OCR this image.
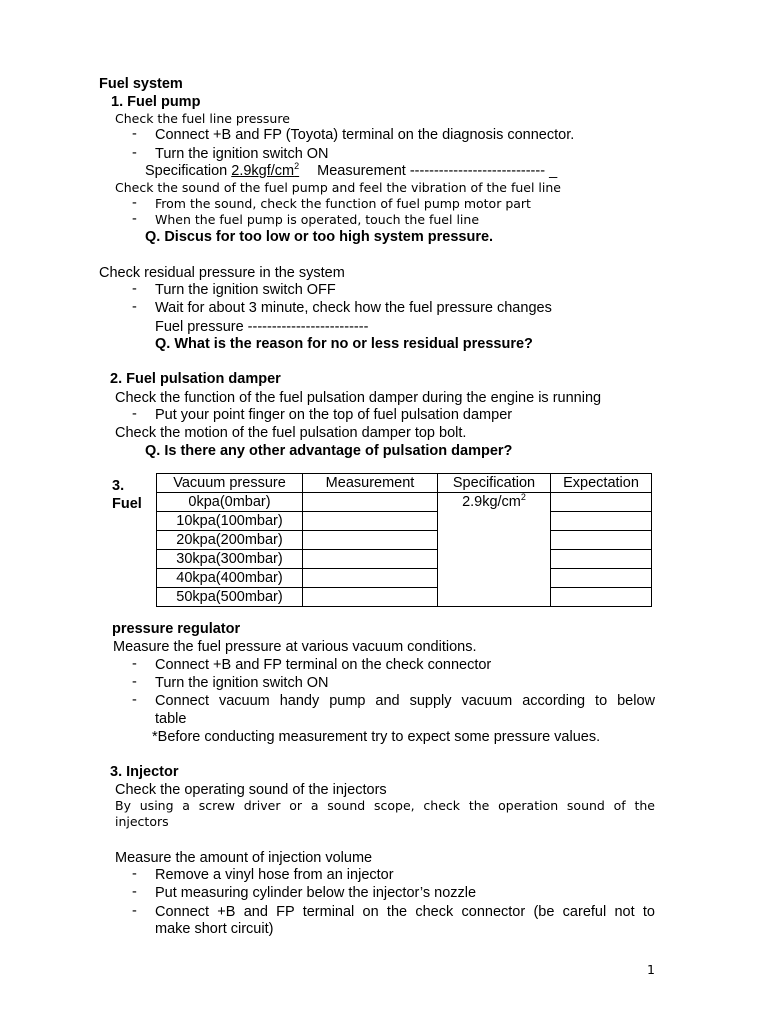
Fuel system
1. Fuel pump
Check the fuel line pressure
- Connect +B and FP (Toyota) terminal on the diagnosis connector.
- Turn the ignition switch ON
Specification $2.9kgf/cm^2$ Measurement ---------------------------- _
Check the sound of the fuel pump and feel the vibration of the fuel line
- From the sound, check the function of fuel pump motor part
- When the fuel pump is operated, touch the fuel line
Q. Discus for too low or too high system pressure.
Check residual pressure in the system
- Turn the ignition switch OFF
- Wait for about 3 minute, check how the fuel pressure changes
Fuel pressure -------------------------
Q. What is the reason for no or less residual pressure?
2. Fuel pulsation damper
Check the function of the fuel pulsation damper during the engine is running
- Put your point finger on the top of fuel pulsation damper
Check the motion of the fuel pulsation damper top bolt.
Q. Is there any other advantage of pulsation damper?
3.
Fuel
Vacuum pressure	Measurement	Specification	Expectation
0kpa(0mbar)		$2.9kg/cm^2$	
10kpa(100mbar)			
20kpa(200mbar)			
30kpa(300mbar)			
40kpa(400mbar)			
50kpa(500mbar)			
pressure regulator
Measure the fuel pressure at various vacuum conditions.
- Connect +B and FP terminal on the check connector
- Turn the ignition switch ON
- Connect vacuum handy pump and supply vacuum according to below
table
*Before conducting measurement try to expect some pressure values.
3. Injector
Check the operating sound of the injectors
By using a screw driver or a sound scope, check the operation sound of the
injectors
Measure the amount of injection volume
- Remove a vinyl hose from an injector
- Put measuring cylinder below the injector’s nozzle
- Connect +B and FP terminal on the check connector (be careful not to
make short circuit)
1
